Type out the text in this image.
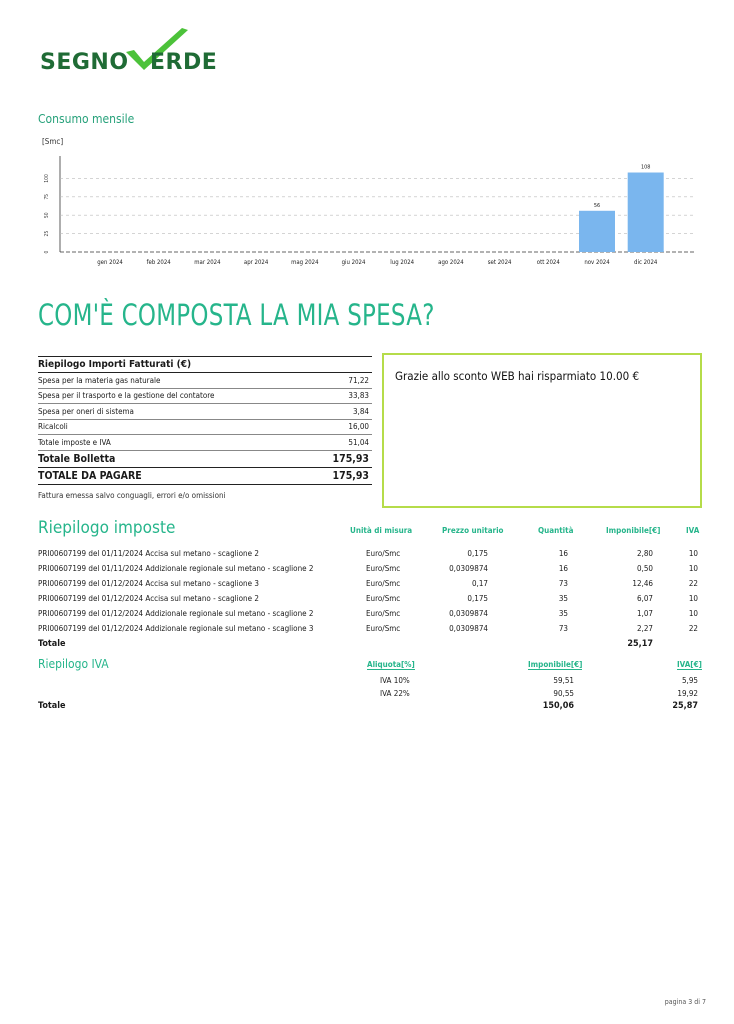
SEGNO ERDE
Consumo mensile
[Smc]
0
25
50
75
100
gen 2024	feb 2024	mar 2024	apr 2024	mag 2024	giu 2024	lug 2024	ago 2024	set 2024	ott 2024
56
nov 2024
108
dic 2024
COM'È COMPOSTA LA MIA SPESA?
Riepilogo Importi Fatturati (€)
Spesa per la materia gas naturale	71,22
Spesa per il trasporto e la gestione del contatore	33,83
Spesa per oneri di sistema	3,84
Ricalcoli	16,00
Totale imposte e IVA	51,04
Totale Bolletta	175,93
TOTALE DA PAGARE	175,93
Fattura emessa salvo conguagli, errori e/o omissioni
Grazie allo sconto WEB hai risparmiato 10.00 €
Riepilogo imposte	Unità di misura	Prezzo unitario	Quantità	Imponibile[€]	IVA
PRI00607199 del 01/11/2024 Accisa sul metano - scaglione 2	Euro/Smc	0,175	16	2,80	10
PRI00607199 del 01/11/2024 Addizionale regionale sul metano - scaglione 2	Euro/Smc	0,0309874	16	0,50	10
PRI00607199 del 01/12/2024 Accisa sul metano - scaglione 3	Euro/Smc	0,17	73	12,46	22
PRI00607199 del 01/12/2024 Accisa sul metano - scaglione 2	Euro/Smc	0,175	35	6,07	10
PRI00607199 del 01/12/2024 Addizionale regionale sul metano - scaglione 2	Euro/Smc	0,0309874	35	1,07	10
PRI00607199 del 01/12/2024 Addizionale regionale sul metano - scaglione 3	Euro/Smc	0,0309874	73	2,27	22
Totale	25,17
Riepilogo IVA	Aliquota[%]	Imponibile[€]	IVA[€]
IVA 10%	59,51	5,95
IVA 22%	90,55	19,92
Totale	150,06	25,87
pagina 3 di 7
